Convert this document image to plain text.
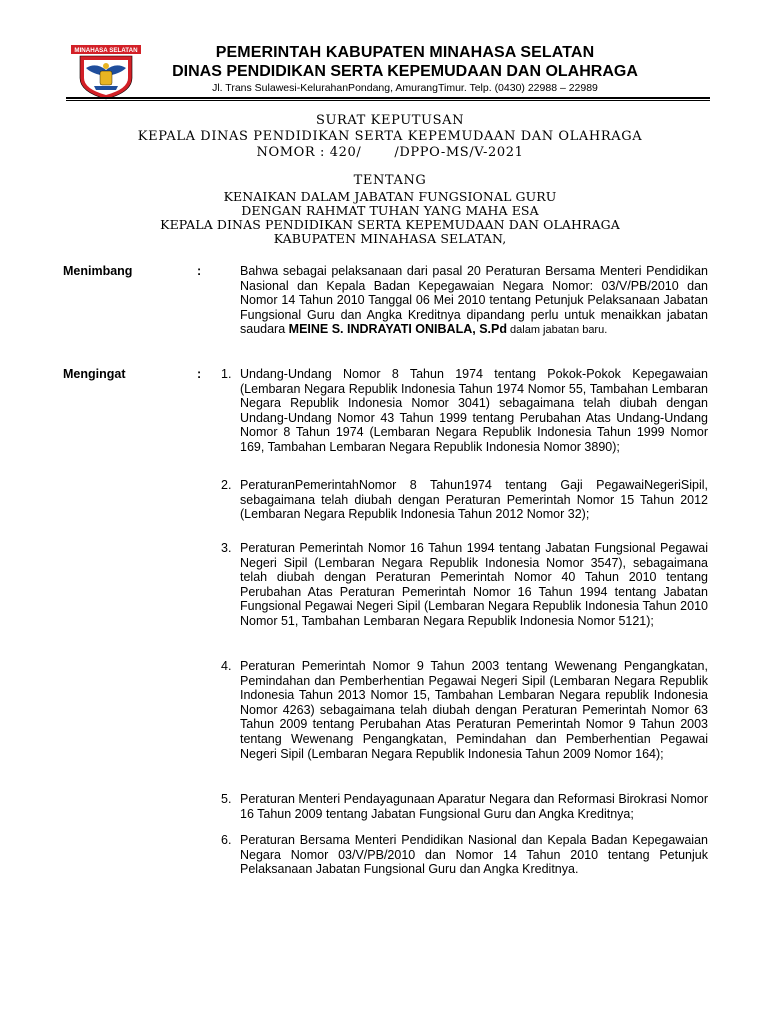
MINAHASA SELATAN	PEMERINTAH KABUPATEN MINAHASA SELATAN
DINAS PENDIDIKAN SERTA KEPEMUDAAN DAN OLAHRAGA
Jl. Trans Sulawesi-KelurahanPondang, AmurangTimur. Telp. (0430) 22988 – 22989
SURAT KEPUTUSAN
KEPALA DINAS PENDIDIKAN SERTA KEPEMUDAAN DAN OLAHRAGA
NOMOR : 420/       /DPPO-MS/V-2021
TENTANG
KENAIKAN DALAM JABATAN FUNGSIONAL GURU
DENGAN RAHMAT TUHAN YANG MAHA ESA
KEPALA DINAS PENDIDIKAN SERTA KEPEMUDAAN DAN OLAHRAGA
KABUPATEN MINAHASA SELATAN,
Menimbang	:	Bahwa sebagai pelaksanaan dari pasal 20 Peraturan Bersama Menteri Pendidikan Nasional dan Kepala Badan Kepegawaian Negara Nomor: 03/V/PB/2010 dan Nomor 14 Tahun 2010 Tanggal 06 Mei 2010 tentang Petunjuk Pelaksanaan Jabatan Fungsional Guru dan Angka Kreditnya dipandang perlu untuk menaikkan jabatan saudara MEINE S. INDRAYATI ONIBALA, S.Pd dalam jabatan baru.

Mengingat	: 1. Undang-Undang Nomor 8 Tahun 1974 tentang Pokok-Pokok Kepegawaian (Lembaran Negara Republik Indonesia Tahun 1974 Nomor 55, Tambahan Lembaran Negara Republik Indonesia Nomor 3041) sebagaimana telah diubah dengan Undang-Undang Nomor 43 Tahun 1999 tentang Perubahan Atas Undang-Undang Nomor 8 Tahun 1974 (Lembaran Negara Republik Indonesia Tahun 1999 Nomor 169, Tambahan Lembaran Negara Republik Indonesia Nomor 3890);

2. PeraturanPemerintahNomor 8 Tahun1974 tentang Gaji PegawaiNegeriSipil, sebagaimana telah diubah dengan Peraturan Pemerintah Nomor 15 Tahun 2012 (Lembaran Negara Republik Indonesia Tahun 2012 Nomor 32);

3. Peraturan Pemerintah Nomor 16 Tahun 1994 tentang Jabatan Fungsional Pegawai Negeri Sipil (Lembaran Negara Republik Indonesia Nomor 3547), sebagaimana telah diubah dengan Peraturan Pemerintah Nomor 40 Tahun 2010 tentang Perubahan Atas Peraturan Pemerintah Nomor 16 Tahun 1994 tentang Jabatan Fungsional Pegawai Negeri Sipil (Lembaran Negara Republik Indonesia Tahun 2010 Nomor 51, Tambahan Lembaran Negara Republik Indonesia Nomor 5121);

4. Peraturan Pemerintah Nomor 9 Tahun 2003 tentang Wewenang Pengangkatan, Pemindahan dan Pemberhentian Pegawai Negeri Sipil (Lembaran Negara Republik Indonesia Tahun 2013 Nomor 15, Tambahan Lembaran Negara republik Indonesia Nomor 4263) sebagaimana telah diubah dengan Peraturan Pemerintah Nomor 63 Tahun 2009 tentang Perubahan Atas Peraturan Pemerintah Nomor 9 Tahun 2003 tentang Wewenang Pengangkatan, Pemindahan dan Pemberhentian Pegawai Negeri Sipil (Lembaran Negara Republik Indonesia Tahun 2009 Nomor 164);

5. Peraturan Menteri Pendayagunaan Aparatur Negara dan Reformasi Birokrasi Nomor 16 Tahun 2009 tentang Jabatan Fungsional Guru dan Angka Kreditnya;

6. Peraturan Bersama Menteri Pendidikan Nasional dan Kepala Badan Kepegawaian Negara Nomor 03/V/PB/2010 dan Nomor 14 Tahun 2010 tentang Petunjuk Pelaksanaan Jabatan Fungsional Guru dan Angka Kreditnya.
